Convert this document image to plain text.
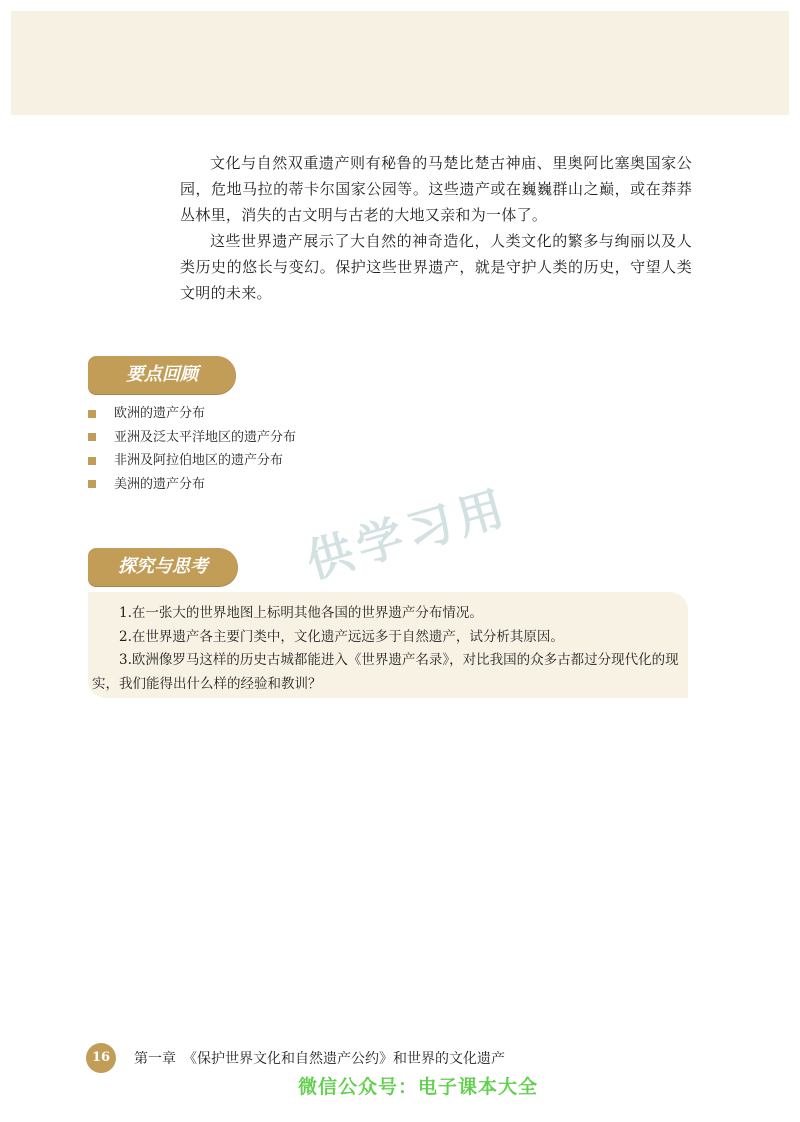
文化与自然双重遗产则有秘鲁的马楚比楚古神庙、里奥阿比塞奥国家公园，危地马拉的蒂卡尔国家公园等。这些遗产或在巍巍群山之巅，或在莽莽丛林里，消失的古文明与古老的大地又亲和为一体了。

这些世界遗产展示了大自然的神奇造化，人类文化的繁多与绚丽以及人类历史的悠长与变幻。保护这些世界遗产，就是守护人类的历史，守望人类文明的未来。

要点回顾
欧洲的遗产分布
亚洲及泛太平洋地区的遗产分布
非洲及阿拉伯地区的遗产分布
美洲的遗产分布
探究与思考	供学习用

1.在一张大的世界地图上标明其他各国的世界遗产分布情况。

2.在世界遗产各主要门类中，文化遗产远远多于自然遗产，试分析其原因。

3.欧洲像罗马这样的历史古城都能进入《世界遗产名录》，对比我国的众多古都过分现代化的现实，我们能得出什么样的经验和教训？

16	第一章　《保护世界文化和自然遗产公约》和世界的文化遗产
微信公众号：电子课本大全
